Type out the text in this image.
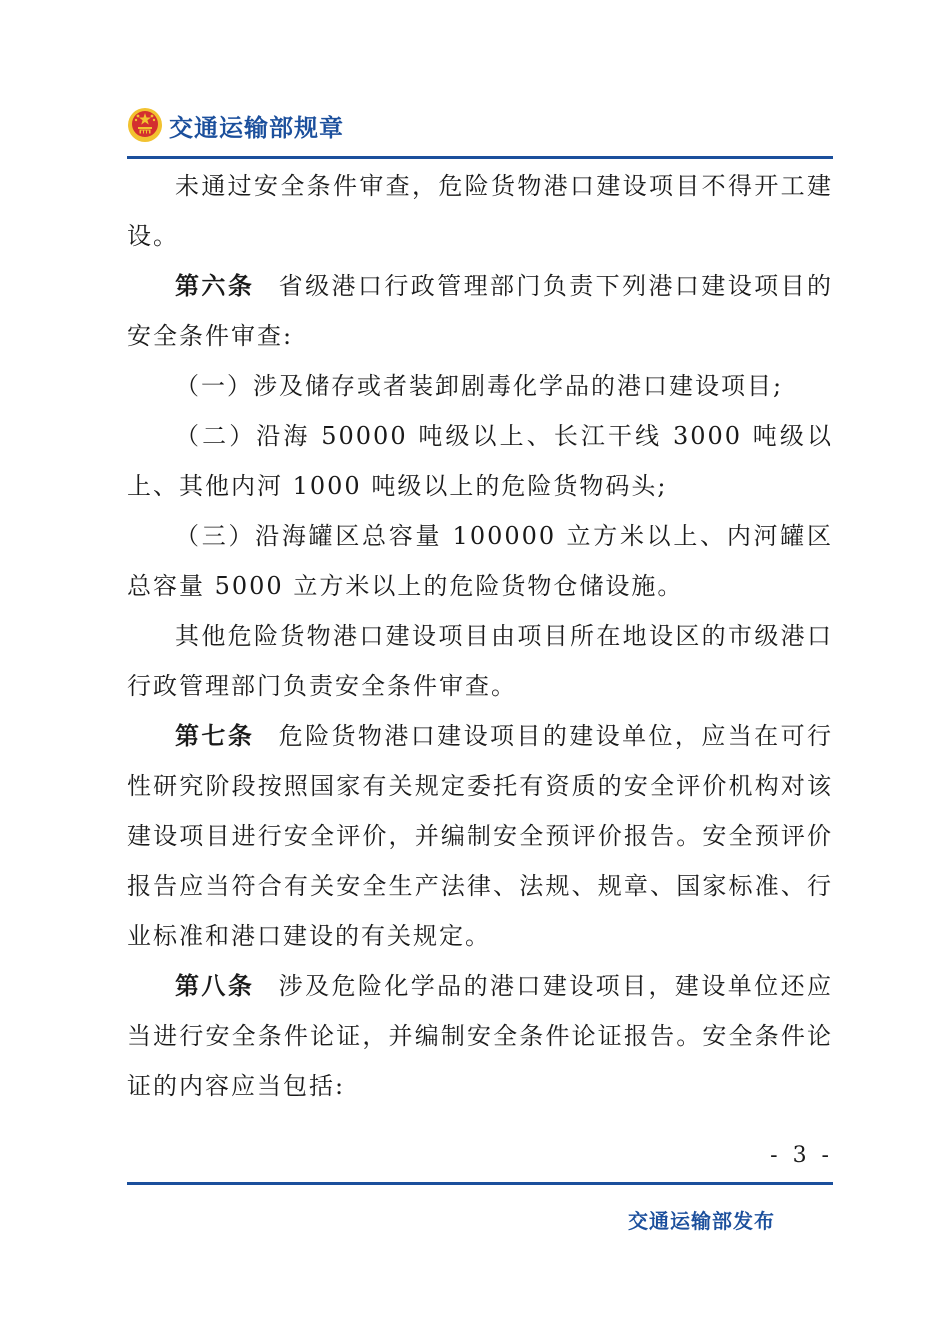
交通运输部规章

未通过安全条件审查，危险货物港口建设项目不得开工建设。

第六条 省级港口行政管理部门负责下列港口建设项目的安全条件审查:

（一）涉及储存或者装卸剧毒化学品的港口建设项目;

（二）沿海 50000 吨级以上、长江干线 3000 吨级以上、其他内河 1000 吨级以上的危险货物码头;

（三）沿海罐区总容量 100000 立方米以上、内河罐区总容量 5000 立方米以上的危险货物仓储设施。

其他危险货物港口建设项目由项目所在地设区的市级港口行政管理部门负责安全条件审查。

第七条 危险货物港口建设项目的建设单位，应当在可行性研究阶段按照国家有关规定委托有资质的安全评价机构对该建设项目进行安全评价，并编制安全预评价报告。安全预评价报告应当符合有关安全生产法律、法规、规章、国家标准、行业标准和港口建设的有关规定。

第八条 涉及危险化学品的港口建设项目，建设单位还应当进行安全条件论证，并编制安全条件论证报告。安全条件论证的内容应当包括:

- 3 -
交通运输部发布
